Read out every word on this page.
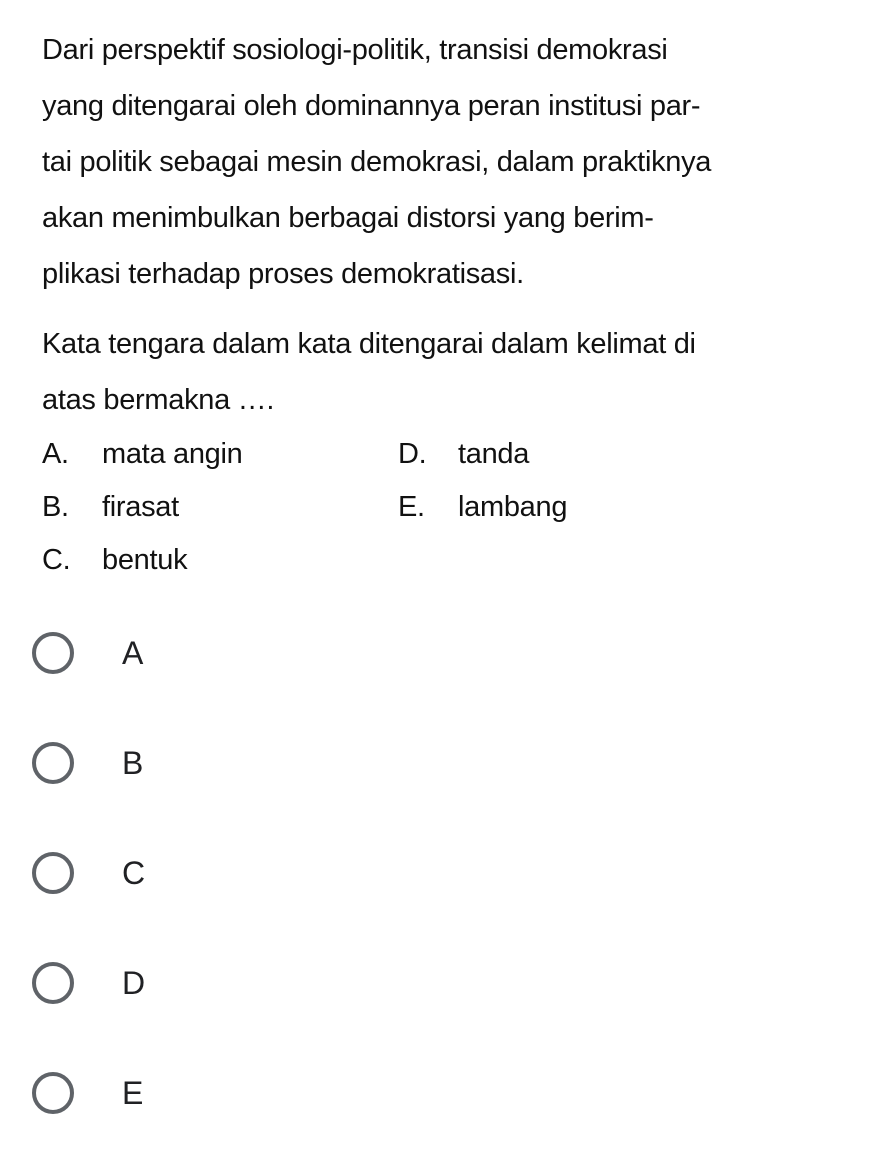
Dari perspektif sosiologi-politik, transisi demokrasi
yang ditengarai oleh dominannya peran institusi par-
tai politik sebagai mesin demokrasi, dalam praktiknya
akan menimbulkan berbagai distorsi yang berim-
plikasi terhadap proses demokratisasi.

Kata tengara dalam kata ditengarai dalam kelimat di
atas bermakna ….

A.	mata angin	D.	tanda
B.	firasat	E.	lambang
C.	bentuk
A
B
C
D
E
